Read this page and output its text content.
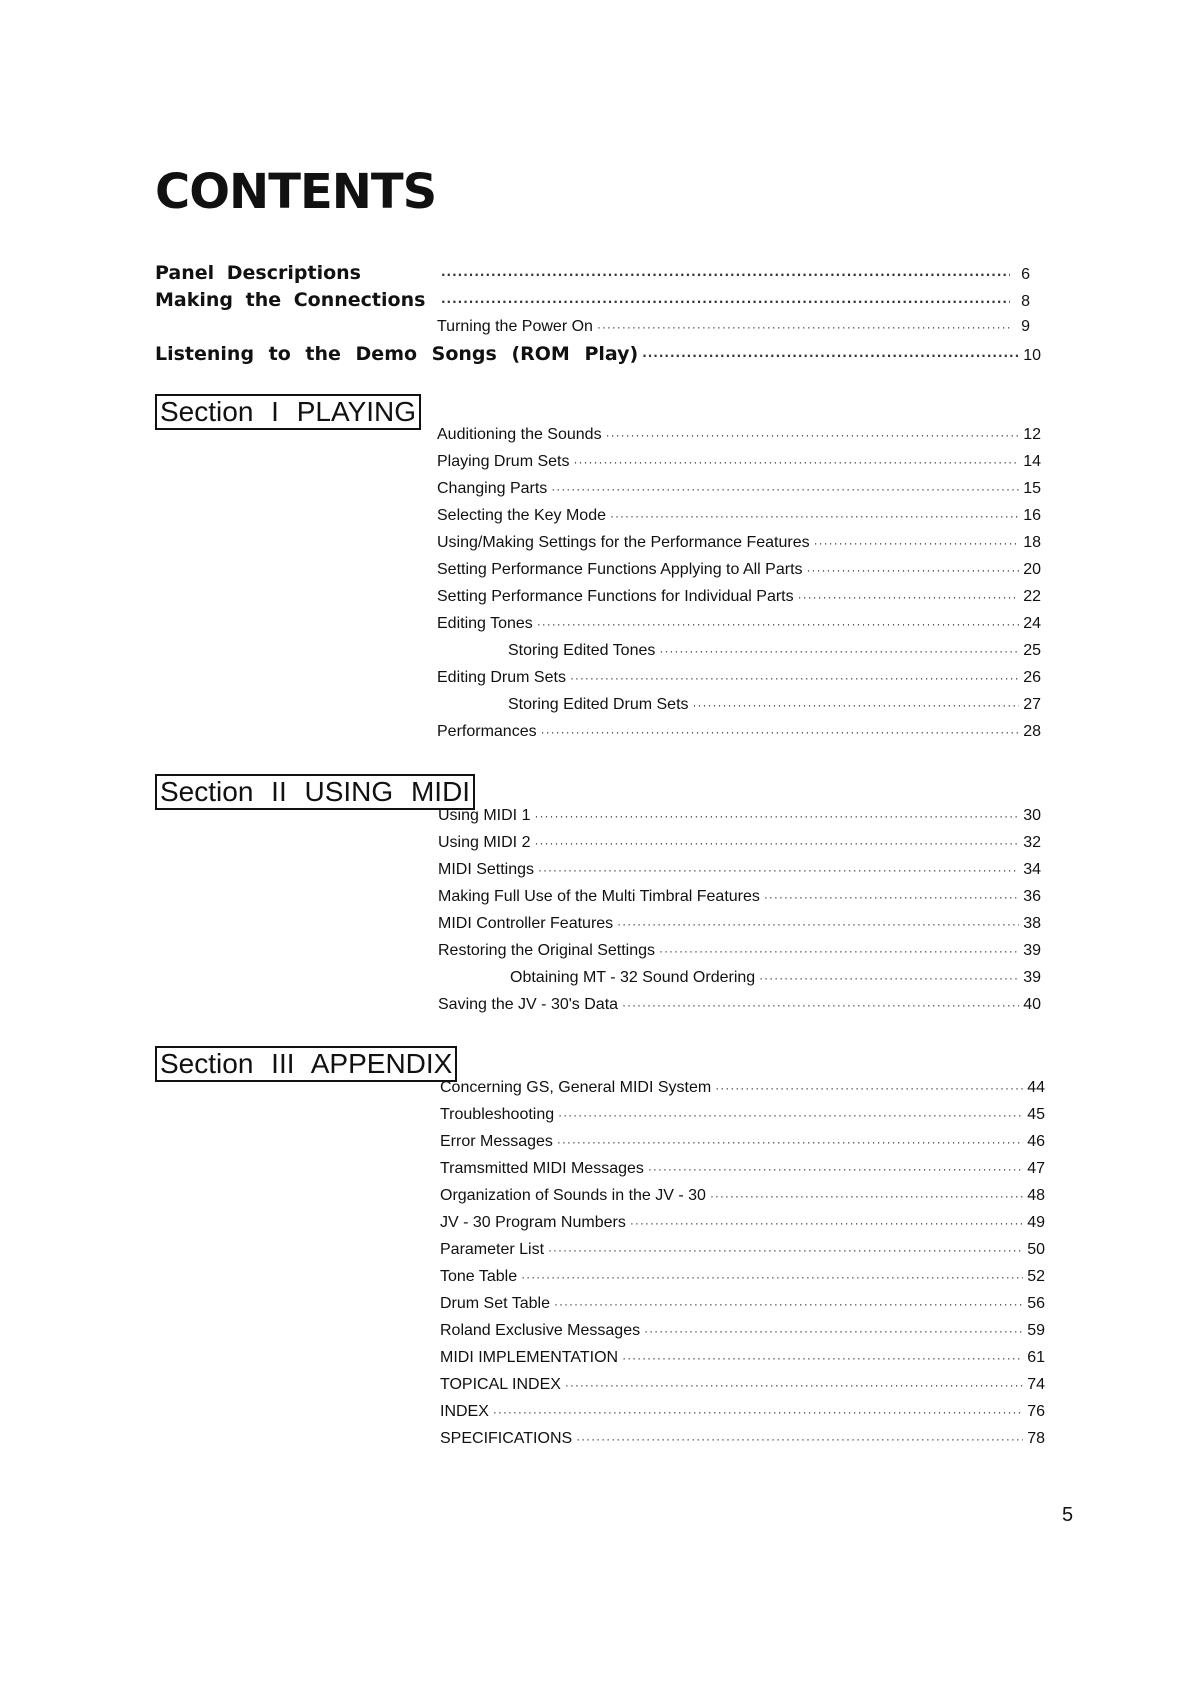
CONTENTS
Panel Descriptions ·····	6
Making the Connections ·····	8
Turning the Power On ·····	9
Listening to the Demo Songs (ROM Play) ·····	10
Section I PLAYING
Auditioning the Sounds ·····	12
Playing Drum Sets ·····	14
Changing Parts ·····	15
Selecting the Key Mode ·····	16
Using/Making Settings for the Performance Features ·····	18
Setting Performance Functions Applying to All Parts ·····	20
Setting Performance Functions for Individual Parts ·····	22
Editing Tones ·····	24
Storing Edited Tones ·····	25
Editing Drum Sets ·····	26
Storing Edited Drum Sets ·····	27
Performances ·····	28
Section II USING MIDI
Using MIDI 1 ·····	30
Using MIDI 2 ·····	32
MIDI Settings ·····	34
Making Full Use of the Multi Timbral Features ·····	36
MIDI Controller Features ·····	38
Restoring the Original Settings ·····	39
Obtaining MT - 32 Sound Ordering ·····	39
Saving the JV - 30's Data ·····	40
Section III APPENDIX
Concerning GS, General MIDI System ·····	44
Troubleshooting ·····	45
Error Messages ·····	46
Tramsmitted MIDI Messages ·····	47
Organization of Sounds in the JV - 30 ·····	48
JV - 30 Program Numbers ·····	49
Parameter List ·····	50
Tone Table ·····	52
Drum Set Table ·····	56
Roland Exclusive Messages ·····	59
MIDI IMPLEMENTATION ·····	61
TOPICAL INDEX ·····	74
INDEX ·····	76
SPECIFICATIONS ·····	78
5
